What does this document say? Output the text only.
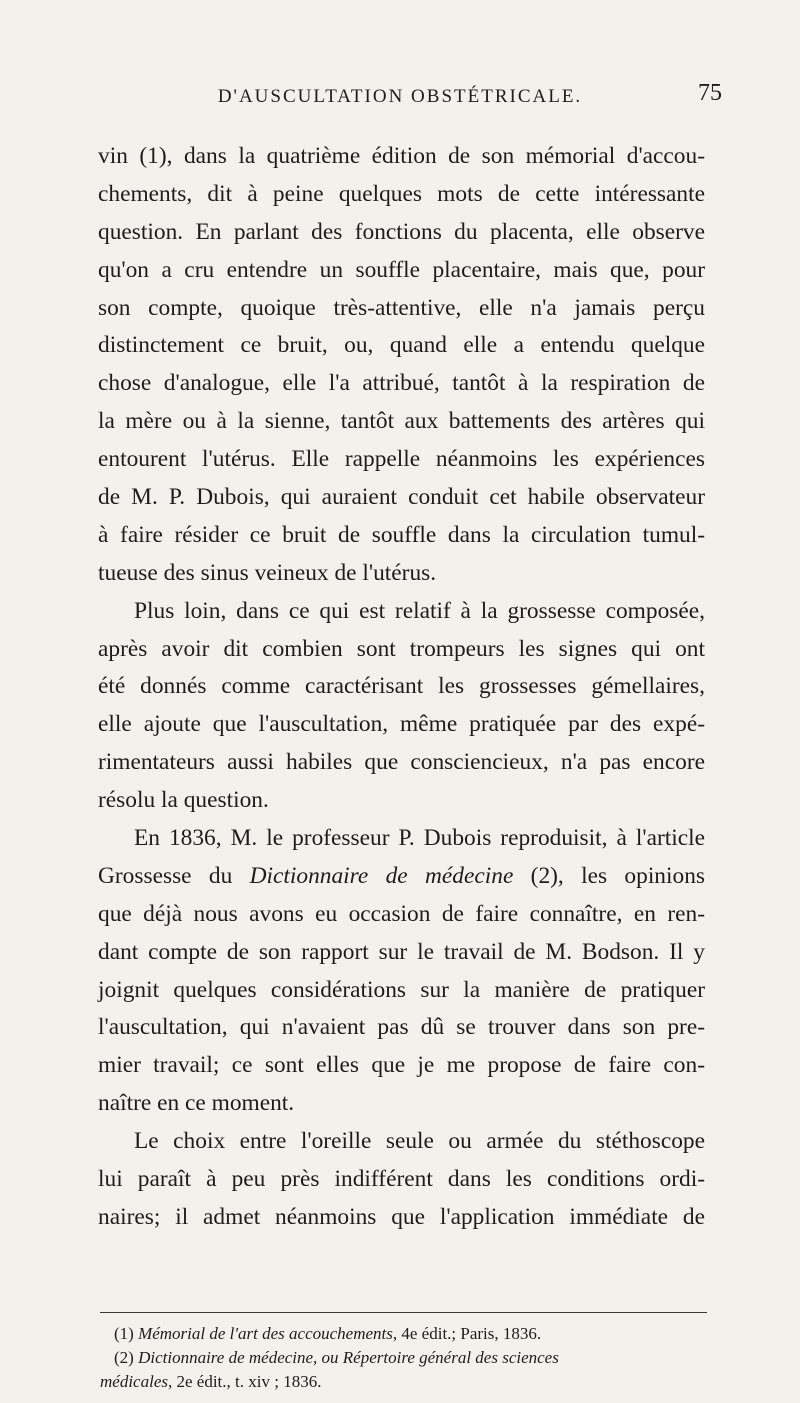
D'AUSCULTATION OBSTÉTRICALE.	75
vin (1), dans la quatrième édition de son mémorial d'accou-
chements, dit à peine quelques mots de cette intéressante
question. En parlant des fonctions du placenta, elle observe
qu'on a cru entendre un souffle placentaire, mais que, pour
son compte, quoique très-attentive, elle n'a jamais perçu
distinctement ce bruit, ou, quand elle a entendu quelque
chose d'analogue, elle l'a attribué, tantôt à la respiration de
la mère ou à la sienne, tantôt aux battements des artères qui
entourent l'utérus. Elle rappelle néanmoins les expériences
de M. P. Dubois, qui auraient conduit cet habile observateur
à faire résider ce bruit de souffle dans la circulation tumul-
tueuse des sinus veineux de l'utérus.
Plus loin, dans ce qui est relatif à la grossesse composée,
après avoir dit combien sont trompeurs les signes qui ont
été donnés comme caractérisant les grossesses gémellaires,
elle ajoute que l'auscultation, même pratiquée par des expé-
rimentateurs aussi habiles que consciencieux, n'a pas encore
résolu la question.
En 1836, M. le professeur P. Dubois reproduisit, à l'article
Grossesse du Dictionnaire de médecine (2), les opinions
que déjà nous avons eu occasion de faire connaître, en ren-
dant compte de son rapport sur le travail de M. Bodson. Il y
joignit quelques considérations sur la manière de pratiquer
l'auscultation, qui n'avaient pas dû se trouver dans son pre-
mier travail; ce sont elles que je me propose de faire con-
naître en ce moment.
Le choix entre l'oreille seule ou armée du stéthoscope
lui paraît à peu près indifférent dans les conditions ordi-
naires; il admet néanmoins que l'application immédiate de
(1) Mémorial de l'art des accouchements, 4e édit.; Paris, 1836.
(2) Dictionnaire de médecine, ou Répertoire général des sciences
médicales, 2e édit., t. xiv ; 1836.
